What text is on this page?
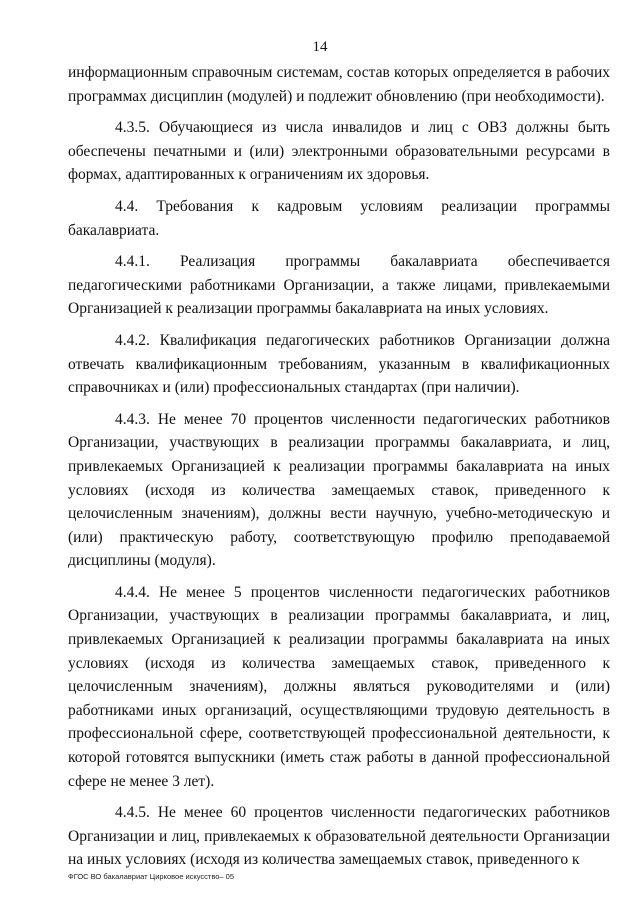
14

информационным справочным системам, состав которых определяется в рабочих программах дисциплин (модулей) и подлежит обновлению (при необходимости).

4.3.5. Обучающиеся из числа инвалидов и лиц с ОВЗ должны быть обеспечены печатными и (или) электронными образовательными ресурсами в формах, адаптированных к ограничениям их здоровья.

4.4. Требования к кадровым условиям реализации программы бакалавриата.

4.4.1. Реализация программы бакалавриата обеспечивается педагогическими работниками Организации, а также лицами, привлекаемыми Организацией к реализации программы бакалавриата на иных условиях.

4.4.2. Квалификация педагогических работников Организации должна отвечать квалификационным требованиям, указанным в квалификационных справочниках и (или) профессиональных стандартах (при наличии).

4.4.3. Не менее 70 процентов численности педагогических работников Организации, участвующих в реализации программы бакалавриата, и лиц, привлекаемых Организацией к реализации программы бакалавриата на иных условиях (исходя из количества замещаемых ставок, приведенного к целочисленным значениям), должны вести научную, учебно-методическую и (или) практическую работу, соответствующую профилю преподаваемой дисциплины (модуля).

4.4.4. Не менее 5 процентов численности педагогических работников Организации, участвующих в реализации программы бакалавриата, и лиц, привлекаемых Организацией к реализации программы бакалавриата на иных условиях (исходя из количества замещаемых ставок, приведенного к целочисленным значениям), должны являться руководителями и (или) работниками иных организаций, осуществляющими трудовую деятельность в профессиональной сфере, соответствующей профессиональной деятельности, к которой готовятся выпускники (иметь стаж работы в данной профессиональной сфере не менее 3 лет).

4.4.5. Не менее 60 процентов численности педагогических работников Организации и лиц, привлекаемых к образовательной деятельности Организации на иных условиях (исходя из количества замещаемых ставок, приведенного к

ФГОС ВО бакалавриат Цирковое искусство– 05
